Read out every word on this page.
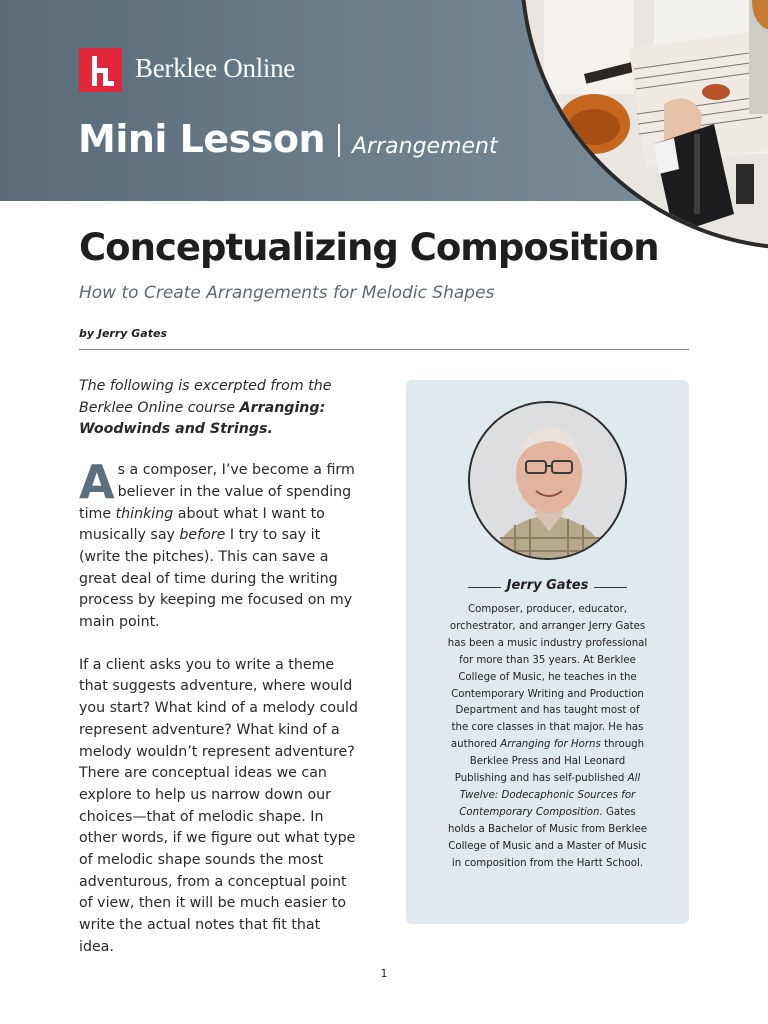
Berklee Online
Mini Lesson Arrangement
Conceptualizing Composition
How to Create Arrangements for Melodic Shapes
by Jerry Gates

The following is excerpted from the Berklee Online course Arranging: Woodwinds and Strings.

As a composer, I’ve become a firm believer in the value of spending time thinking about what I want to musically say before I try to say it (write the pitches). This can save a great deal of time during the writing process by keeping me focused on my main point.

If a client asks you to write a theme that suggests adventure, where would you start? What kind of a melody could represent adventure? What kind of a melody wouldn’t represent adventure? There are conceptual ideas we can explore to help us narrow down our choices—that of melodic shape. In other words, if we figure out what type of melodic shape sounds the most adventurous, from a conceptual point of view, then it will be much easier to write the actual notes that fit that idea.

Jerry Gates

Composer, producer, educator, orchestrator, and arranger Jerry Gates has been a music industry professional for more than 35 years. At Berklee College of Music, he teaches in the Contemporary Writing and Production Department and has taught most of the core classes in that major. He has authored Arranging for Horns through Berklee Press and Hal Leonard Publishing and has self-published All Twelve: Dodecaphonic Sources for Contemporary Composition. Gates holds a Bachelor of Music from Berklee College of Music and a Master of Music in composition from the Hartt School.

1
